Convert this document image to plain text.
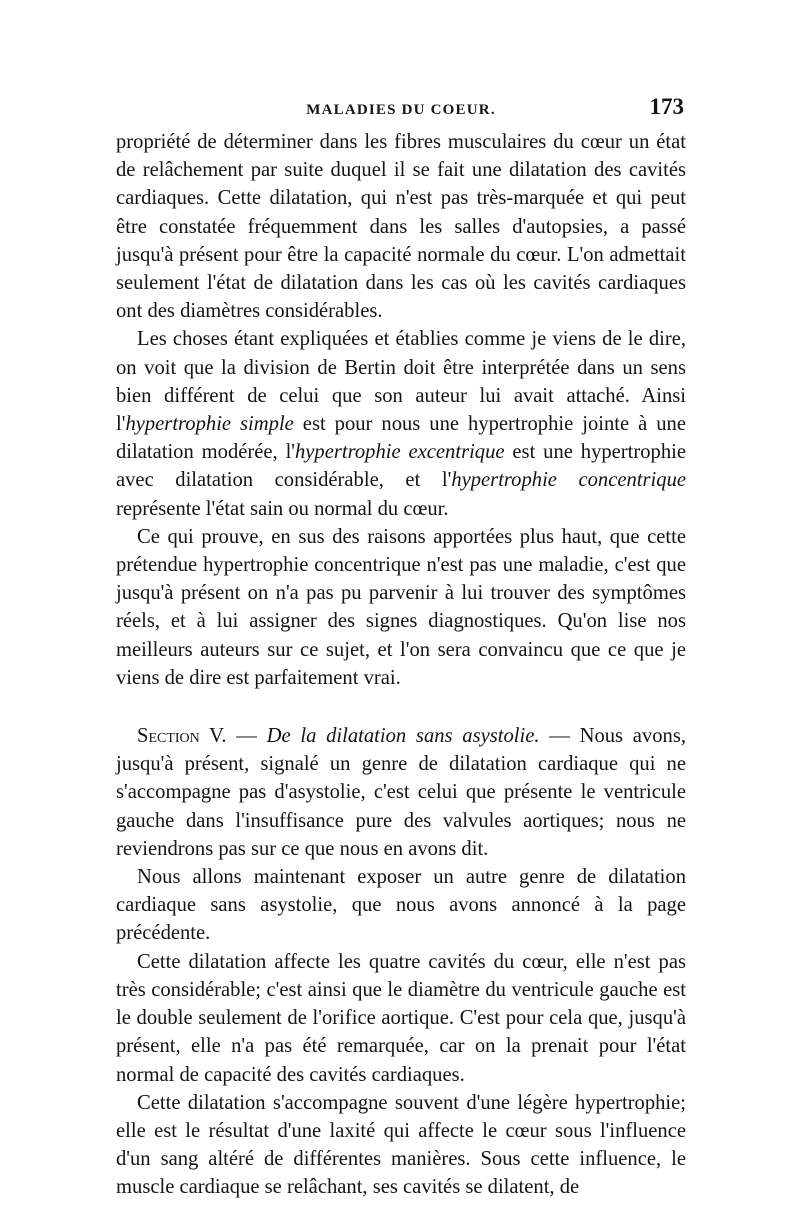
MALADIES DU COEUR.	173

propriété de déterminer dans les fibres musculaires du cœur un état de relâchement par suite duquel il se fait une dilatation des cavités cardiaques. Cette dilatation, qui n'est pas très-marquée et qui peut être constatée fréquemment dans les salles d'autopsies, a passé jusqu'à présent pour être la capacité normale du cœur. L'on admettait seulement l'état de dilatation dans les cas où les cavités cardiaques ont des diamètres considérables.

Les choses étant expliquées et établies comme je viens de le dire, on voit que la division de Bertin doit être interprétée dans un sens bien différent de celui que son auteur lui avait attaché. Ainsi l'hypertrophie simple est pour nous une hypertrophie jointe à une dilatation modérée, l'hypertrophie excentrique est une hypertrophie avec dilatation considérable, et l'hypertrophie concentrique représente l'état sain ou normal du cœur.

Ce qui prouve, en sus des raisons apportées plus haut, que cette prétendue hypertrophie concentrique n'est pas une maladie, c'est que jusqu'à présent on n'a pas pu parvenir à lui trouver des symptômes réels, et à lui assigner des signes diagnostiques. Qu'on lise nos meilleurs auteurs sur ce sujet, et l'on sera convaincu que ce que je viens de dire est parfaitement vrai.

Section V. — De la dilatation sans asystolie. — Nous avons, jusqu'à présent, signalé un genre de dilatation cardiaque qui ne s'accompagne pas d'asystolie, c'est celui que présente le ventricule gauche dans l'insuffisance pure des valvules aortiques; nous ne reviendrons pas sur ce que nous en avons dit.

Nous allons maintenant exposer un autre genre de dilatation cardiaque sans asystolie, que nous avons annoncé à la page précédente.

Cette dilatation affecte les quatre cavités du cœur, elle n'est pas très considérable; c'est ainsi que le diamètre du ventricule gauche est le double seulement de l'orifice aortique. C'est pour cela que, jusqu'à présent, elle n'a pas été remarquée, car on la prenait pour l'état normal de capacité des cavités cardiaques.

Cette dilatation s'accompagne souvent d'une légère hypertrophie; elle est le résultat d'une laxité qui affecte le cœur sous l'influence d'un sang altéré de différentes manières. Sous cette influence, le muscle cardiaque se relâchant, ses cavités se dilatent, de
